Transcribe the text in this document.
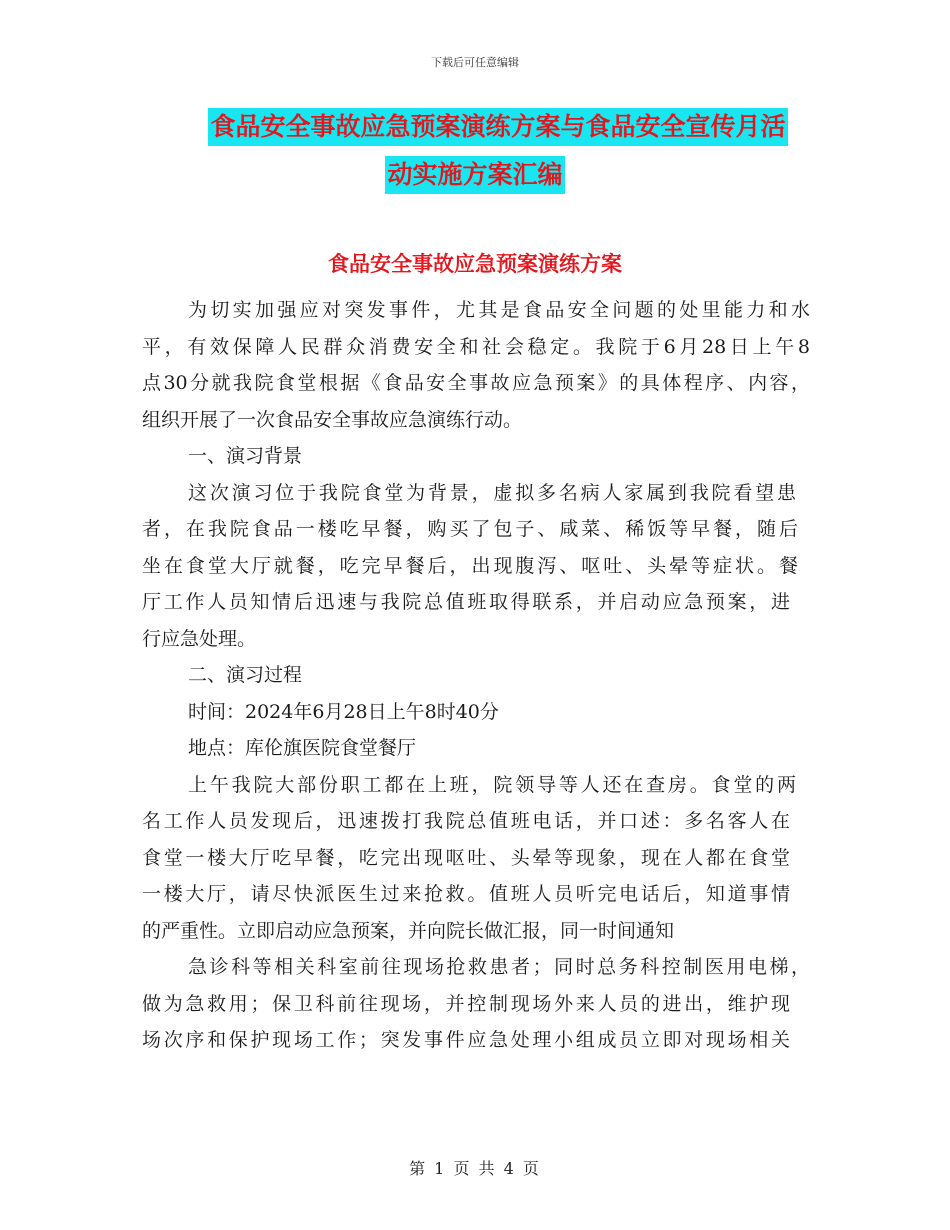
下载后可任意编辑
食品安全事故应急预案演练方案与食品安全宣传月活
动实施方案汇编
食品安全事故应急预案演练方案
为切实加强应对突发事件，尤其是食品安全问题的处里能力和水
平，有效保障人民群众消费安全和社会稳定。我院于6月28日上午8
点30分就我院食堂根据《食品安全事故应急预案》的具体程序、内容，
组织开展了一次食品安全事故应急演练行动。
一、演习背景
这次演习位于我院食堂为背景，虚拟多名病人家属到我院看望患
者，在我院食品一楼吃早餐，购买了包子、咸菜、稀饭等早餐，随后
坐在食堂大厅就餐，吃完早餐后，出现腹泻、呕吐、头晕等症状。餐
厅工作人员知情后迅速与我院总值班取得联系，并启动应急预案，进
行应急处理。
二、演习过程
时间：2024年6月28日上午8时40分
地点：库伦旗医院食堂餐厅
上午我院大部份职工都在上班，院领导等人还在查房。食堂的两
名工作人员发现后，迅速拨打我院总值班电话，并口述：多名客人在
食堂一楼大厅吃早餐，吃完出现呕吐、头晕等现象，现在人都在食堂
一楼大厅，请尽快派医生过来抢救。值班人员听完电话后，知道事情
的严重性。立即启动应急预案，并向院长做汇报，同一时间通知
急诊科等相关科室前往现场抢救患者；同时总务科控制医用电梯，
做为急救用；保卫科前往现场，并控制现场外来人员的进出，维护现
场次序和保护现场工作；突发事件应急处理小组成员立即对现场相关
第 1 页 共 4 页
